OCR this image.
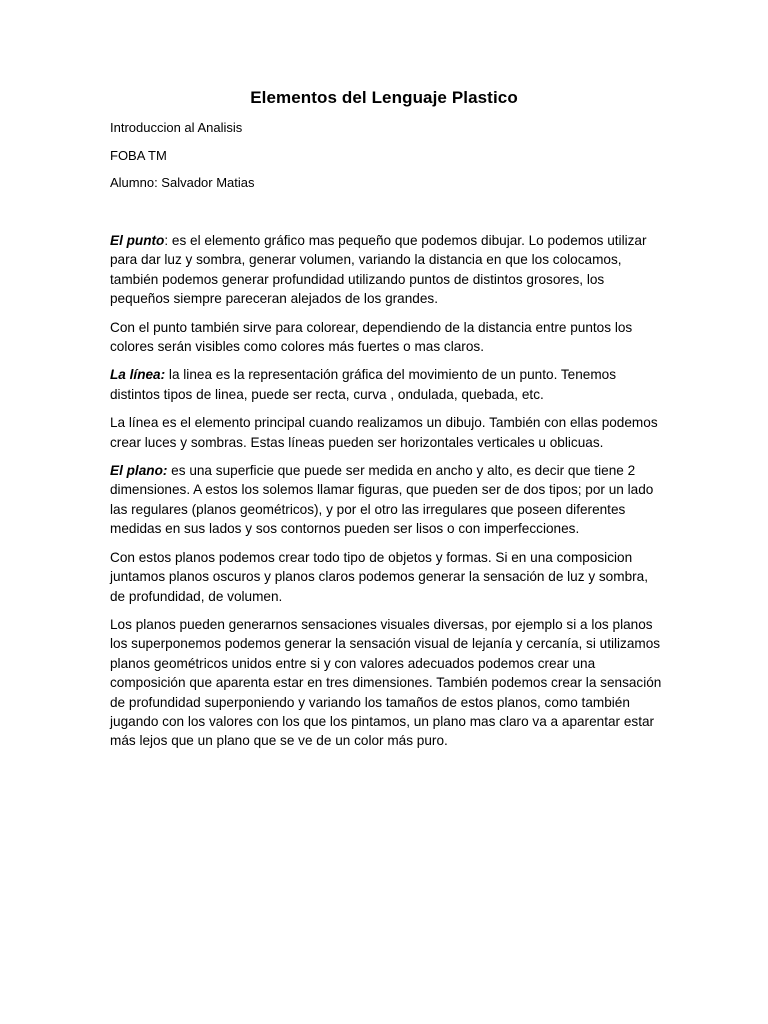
Elementos del Lenguaje Plastico
Introduccion al Analisis
FOBA TM
Alumno: Salvador Matias

El punto: es el elemento gráfico mas pequeño que podemos dibujar. Lo podemos utilizar para dar luz y sombra, generar volumen, variando la distancia en que los colocamos, también podemos generar profundidad utilizando puntos de distintos grosores, los pequeños siempre pareceran alejados de los grandes.

Con el punto también sirve para colorear, dependiendo de la distancia entre puntos los colores serán visibles como colores más fuertes o mas claros.

La línea: la linea es la representación gráfica del movimiento de un punto. Tenemos distintos tipos de linea, puede ser recta, curva , ondulada, quebada, etc.

La línea es el elemento principal cuando realizamos un dibujo. También con ellas podemos crear luces y sombras. Estas líneas pueden ser horizontales verticales u oblicuas.

El plano: es una superficie que puede ser medida en ancho y alto, es decir que tiene 2 dimensiones. A estos los solemos llamar figuras, que pueden ser de dos tipos; por un lado las regulares (planos geométricos), y por el otro las irregulares que poseen diferentes medidas en sus lados y sos contornos pueden ser lisos o con imperfecciones.

Con estos planos podemos crear todo tipo de objetos y formas. Si en una composicion juntamos planos oscuros y planos claros podemos generar la sensación de luz y sombra, de profundidad, de volumen.

Los planos pueden generarnos sensaciones visuales diversas, por ejemplo si a los planos los superponemos podemos generar la sensación visual de lejanía y cercanía, si utilizamos planos geométricos unidos entre si y con valores adecuados podemos crear una composición que aparenta estar en tres dimensiones. También podemos crear la sensación de profundidad superponiendo y variando los tamaños de estos planos, como también jugando con los valores con los que los pintamos, un plano mas claro va a aparentar estar más lejos que un plano que se ve de un color más puro.
